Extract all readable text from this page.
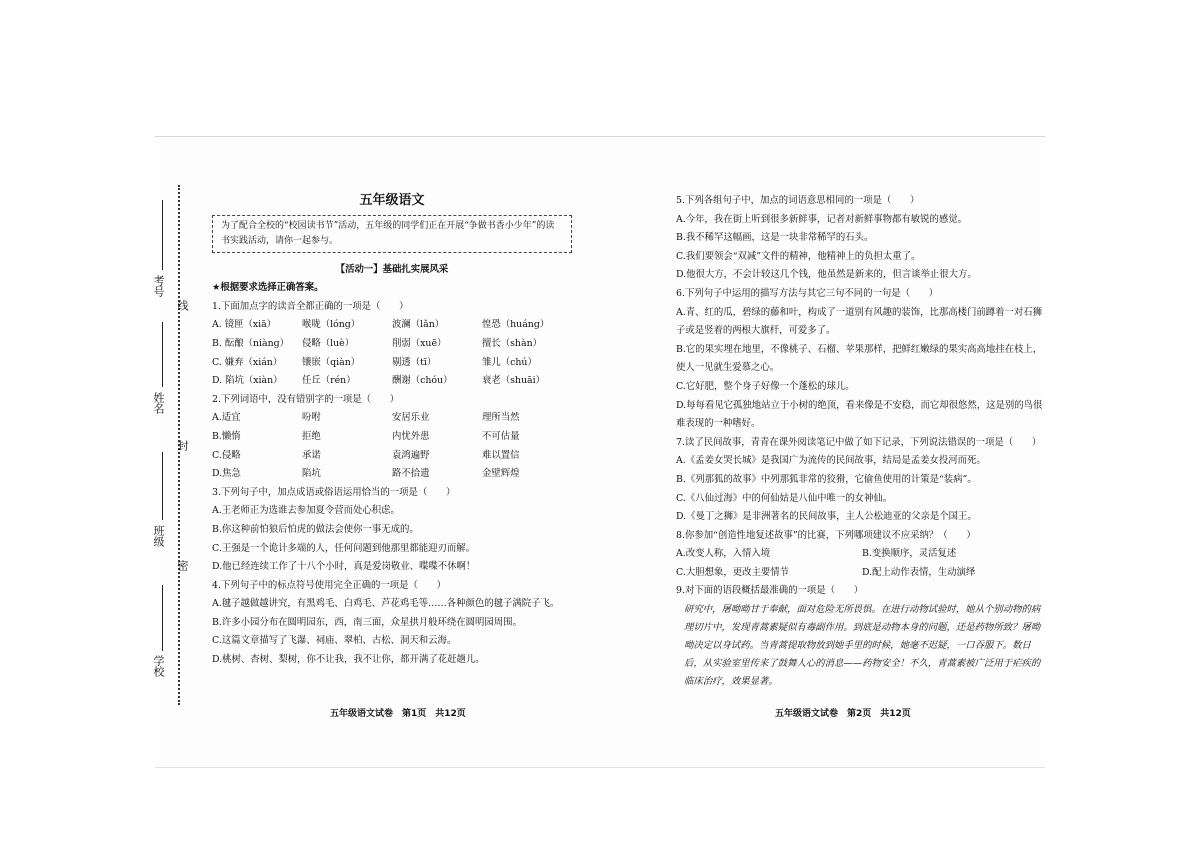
考号
线
姓名
封
班级
密
学校

五年级语文

为了配合全校的“校园读书节”活动，五年级的同学们正在开展“争做书香小少年”的读书实践活动，请你一起参与。

【活动一】基础扎实展风采

★根据要求选择正确答案。

1.下面加点字的读音全都正确的一项是（　　）

A. 镜匣（xiā）	喉咙（lóng）	波澜（lǎn）	惶恐（huáng）
B. 酝酿（niàng）	侵略（luè）	削弱（xuē）	擅长（shàn）
C. 嫌弃（xián）	镶嵌（qiàn）	剔透（tī）	雏儿（chú）
D. 陷坑（xiàn）	任丘（rén）	酬谢（chóu）	衰老（shuāi）

2.下列词语中，没有错别字的一项是（　　）

A.适宜	吩咐	安居乐业	理所当然
B.懒惰	拒绝	内忧外患	不可估量
C.侵略	承诺	袁鸿遍野	难以置信
D.焦急	陷坑	路不拾遗	金壁辉煌

3.下列句子中，加点成语或俗语运用恰当的一项是（　　）

A.王老师正为选谁去参加夏令营而处心积虑。

B.你这种前怕狼后怕虎的做法会使你一事无成的。

C.王强是一个诡计多端的人，任何问题到他那里都能迎刃而解。

D.他已经连续工作了十八个小时，真是爱岗敬业、喋喋不休啊！

4.下列句子中的标点符号使用完全正确的一项是（　　）

A.毽子越做越讲究，有黑鸡毛、白鸡毛、芦花鸡毛等……各种颜色的毽子满院子飞。

B.许多小园分布在圆明园东，西，南三面，众星拱月般环绕在圆明园周围。

C.这篇文章描写了飞瀑、祠庙、翠柏、古松、洞天和云海。

D.桃树、杏树、梨树，你不让我，我不让你，都开满了花赶趟儿。

五年级语文试卷　第1页　共12页

5.下列各组句子中，加点的词语意思相同的一项是（　　）

A.今年，我在街上听到很多新鲜事，记者对新鲜事物都有敏锐的感觉。

B.我不稀罕这幅画，这是一块非常稀罕的石头。

C.我们要领会“双减”文件的精神，他精神上的负担太重了。

D.他很大方，不会计较这几个钱，他虽然是新来的，但言谈举止很大方。

6.下列句子中运用的描写方法与其它三句不同的一句是（　　）

A.青、红的瓜，碧绿的藤和叶，构成了一道别有风趣的装饰，比那高楼门前蹲着一对石狮子或是竖着的两根大旗杆，可爱多了。

B.它的果实埋在地里，不像桃子、石榴、苹果那样，把鲜红嫩绿的果实高高地挂在枝上，使人一见就生爱慕之心。

C.它好肥，整个身子好像一个蓬松的球儿。

D.每每看见它孤独地站立于小树的绝顶，看来像是不安稳，而它却很悠然，这是别的鸟很难表现的一种嗜好。

7.读了民间故事，青青在课外阅读笔记中做了如下记录，下列说法错误的一项是（　　）

A.《孟姜女哭长城》是我国广为流传的民间故事，结局是孟姜女投河而死。

B.《列那狐的故事》中列那狐非常的狡猾，它偷鱼使用的计策是“装病”。

C.《八仙过海》中的何仙姑是八仙中唯一的女神仙。

D.《曼丁之狮》是非洲著名的民间故事，主人公松迪亚的父亲是个国王。

8.你参加“创造性地复述故事”的比赛，下列哪项建议不应采纳？（　　）

A.改变人称，入情入境	B.变换顺序，灵活复述
C.大胆想象，更改主要情节	D.配上动作表情，生动演绎

9.对下面的语段概括最准确的一项是（　　）

研究中，屠呦呦甘于奉献，面对危险无所畏惧。在进行动物试验时，她从个别动物的病理切片中，发现青蒿素疑似有毒副作用。到底是动物本身的问题，还是药物所致？屠呦呦决定以身试药。当青蒿提取物放到她手里的时候，她毫不迟疑，一口吞服下。数日后，从实验室里传来了鼓舞人心的消息——药物安全！不久，青蒿素被广泛用于疟疾的临床治疗，效果显著。

五年级语文试卷　第2页　共12页
